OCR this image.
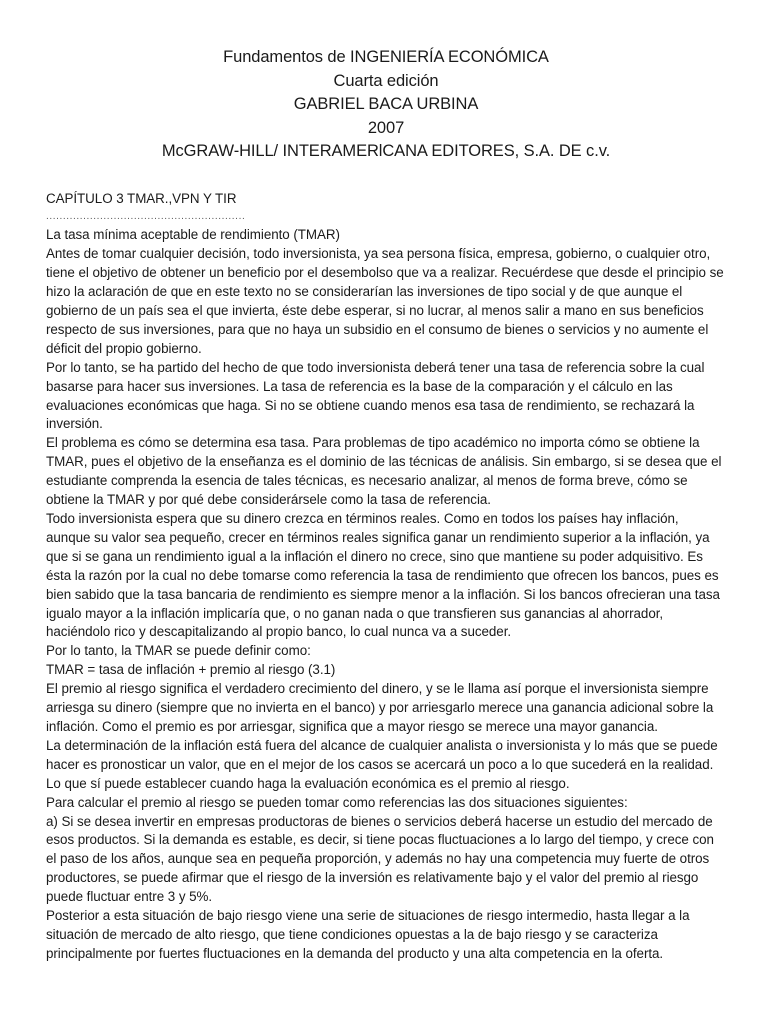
Fundamentos de INGENIERÍA ECONÓMICA
Cuarta edición
GABRIEL BACA URBINA
2007
McGRAW-HILL/ INTERAMERlCANA EDITORES, S.A. DE c.v.

CAPÍTULO 3 TMAR.,VPN Y TIR

...........................................................

La tasa mínima aceptable de rendimiento (TMAR)

Antes de tomar cualquier decisión, todo inversionista, ya sea persona física, empresa, gobierno, o cualquier otro, tiene el objetivo de obtener un beneficio por el desembolso que va a realizar. Recuérdese que desde el principio se hizo la aclaración de que en este texto no se considerarían las inversiones de tipo social y de que aunque el gobierno de un país sea el que invierta, éste debe esperar, si no lucrar, al menos salir a mano en sus beneficios respecto de sus inversiones, para que no haya un subsidio en el consumo de bienes o servicios y no aumente el déficit del propio gobierno.

Por lo tanto, se ha partido del hecho de que todo inversionista deberá tener una tasa de referencia sobre la cual basarse para hacer sus inversiones. La tasa de referencia es la base de la comparación y el cálculo en las evaluaciones económicas que haga. Si no se obtiene cuando menos esa tasa de rendimiento, se rechazará la inversión.

El problema es cómo se determina esa tasa. Para problemas de tipo académico no importa cómo se obtiene la TMAR, pues el objetivo de la enseñanza es el dominio de las técnicas de análisis. Sin embargo, si se desea que el estudiante comprenda la esencia de tales técnicas, es necesario analizar, al menos de forma breve, cómo se obtiene la TMAR y por qué debe considerársele como la tasa de referencia.

Todo inversionista espera que su dinero crezca en términos reales. Como en todos los países hay inflación, aunque su valor sea pequeño, crecer en términos reales significa ganar un rendimiento superior a la inflación, ya que si se gana un rendimiento igual a la inflación el dinero no crece, sino que mantiene su poder adquisitivo. Es ésta la razón por la cual no debe tomarse como referencia la tasa de rendimiento que ofrecen los bancos, pues es bien sabido que la tasa bancaria de rendimiento es siempre menor a la inflación. Si los bancos ofrecieran una tasa igualo mayor a la inflación implicaría que, o no ganan nada o que transfieren sus ganancias al ahorrador, haciéndolo rico y descapitalizando al propio banco, lo cual nunca va a suceder.

Por lo tanto, la TMAR se puede definir como:

TMAR = tasa de inflación + premio al riesgo (3.1)

El premio al riesgo significa el verdadero crecimiento del dinero, y se le llama así porque el inversionista siempre arriesga su dinero (siempre que no invierta en el banco) y por arriesgarlo merece una ganancia adicional sobre la inflación. Como el premio es por arriesgar, significa que a mayor riesgo se merece una mayor ganancia.

La determinación de la inflación está fuera del alcance de cualquier analista o inversionista y lo más que se puede hacer es pronosticar un valor, que en el mejor de los casos se acercará un poco a lo que sucederá en la realidad. Lo que sí puede establecer cuando haga la evaluación económica es el premio al riesgo.

Para calcular el premio al riesgo se pueden tomar como referencias las dos situaciones siguientes:

a) Si se desea invertir en empresas productoras de bienes o servicios deberá hacerse un estudio del mercado de esos productos. Si la demanda es estable, es decir, si tiene pocas fluctuaciones a lo largo del tiempo, y crece con el paso de los años, aunque sea en pequeña proporción, y además no hay una competencia muy fuerte de otros productores, se puede afirmar que el riesgo de la inversión es relativamente bajo y el valor del premio al riesgo puede fluctuar entre 3 y 5%.

Posterior a esta situación de bajo riesgo viene una serie de situaciones de riesgo intermedio, hasta llegar a la situación de mercado de alto riesgo, que tiene condiciones opuestas a la de bajo riesgo y se caracteriza principalmente por fuertes fluctuaciones en la demanda del producto y una alta competencia en la oferta.
